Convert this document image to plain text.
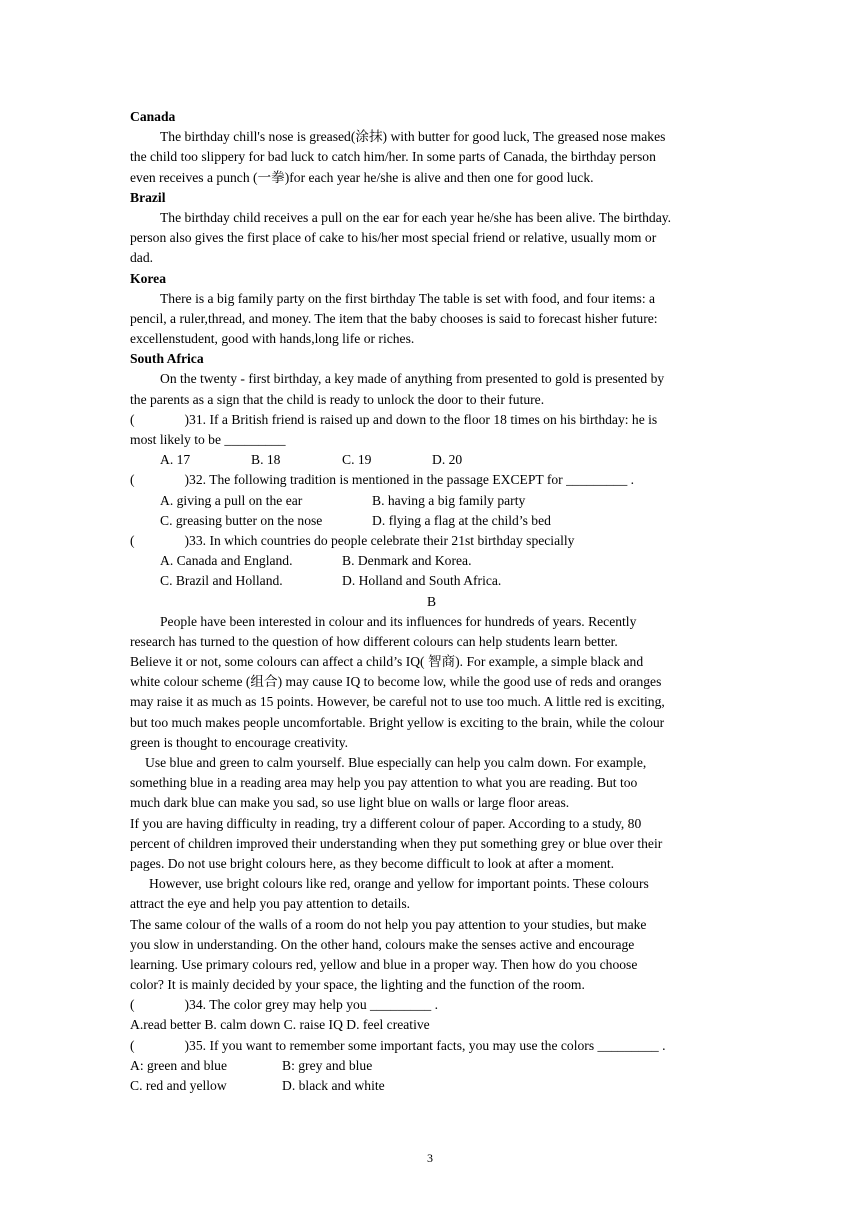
Canada
The birthday chill's nose is greased(涂抹) with butter for good luck, The greased nose makes
the child too slippery for bad luck to catch him/her. In some parts of Canada, the birthday person
even receives a punch (一拳)for each year he/she is alive and then one for good luck.
Brazil
The birthday child receives a pull on the ear for each year he/she has been alive. The birthday.
person also gives the first place of cake to his/her most special friend or relative, usually mom or
dad.
Korea
There is a big family party on the first birthday The table is set with food, and four items: a
pencil, a ruler,thread, and money. The item that the baby chooses is said to forecast hisher future:
excellenstudent, good with hands,long life or riches.
South Africa
On the twenty - first birthday, a key made of anything from presented to gold is presented by
the parents as a sign that the child is ready to unlock the door to their future.
(	)31. If a British friend is raised up and down to the floor 18 times on his birthday: he is
most likely to be _________
A. 17	B. 18	C. 19	D. 20
(	)32. The following tradition is mentioned in the passage EXCEPT for _________ .
A. giving a pull on the ear	B. having a big family party
C. greasing butter on the nose	D. flying a flag at the child’s bed
(	)33. In which countries do people celebrate their 21st birthday specially
A. Canada and England.	B. Denmark and Korea.
C. Brazil and Holland.	D. Holland and South Africa.
B
People have been interested in colour and its influences for hundreds of years. Recently
research has turned to the question of how different colours can help students learn better.
Believe it or not, some colours can affect a child’s IQ( 智商). For example, a simple black and
white colour scheme (组合) may cause IQ to become low, while the good use of reds and oranges
may raise it as much as 15 points. However, be careful not to use too much. A little red is exciting,
but too much makes people uncomfortable. Bright yellow is exciting to the brain, while the colour
green is thought to encourage creativity.
Use blue and green to calm yourself. Blue especially can help you calm down. For example,
something blue in a reading area may help you pay attention to what you are reading. But too
much dark blue can make you sad, so use light blue on walls or large floor areas.
If you are having difficulty in reading, try a different colour of paper. According to a study, 80
percent of children improved their understanding when they put something grey or blue over their
pages. Do not use bright colours here, as they become difficult to look at after a moment.
However, use bright colours like red, orange and yellow for important points. These colours
attract the eye and help you pay attention to details.
The same colour of the walls of a room do not help you pay attention to your studies, but make
you slow in understanding. On the other hand, colours make the senses active and encourage
learning. Use primary colours red, yellow and blue in a proper way. Then how do you choose
color? It is mainly decided by your space, the lighting and the function of the room.
(	)34. The color grey may help you _________ .
A.read better B. calm down C. raise IQ D. feel creative
(	)35. If you want to remember some important facts, you may use the colors _________ .
A: green and blue	B: grey and blue
C. red and yellow	D. black and white
3
